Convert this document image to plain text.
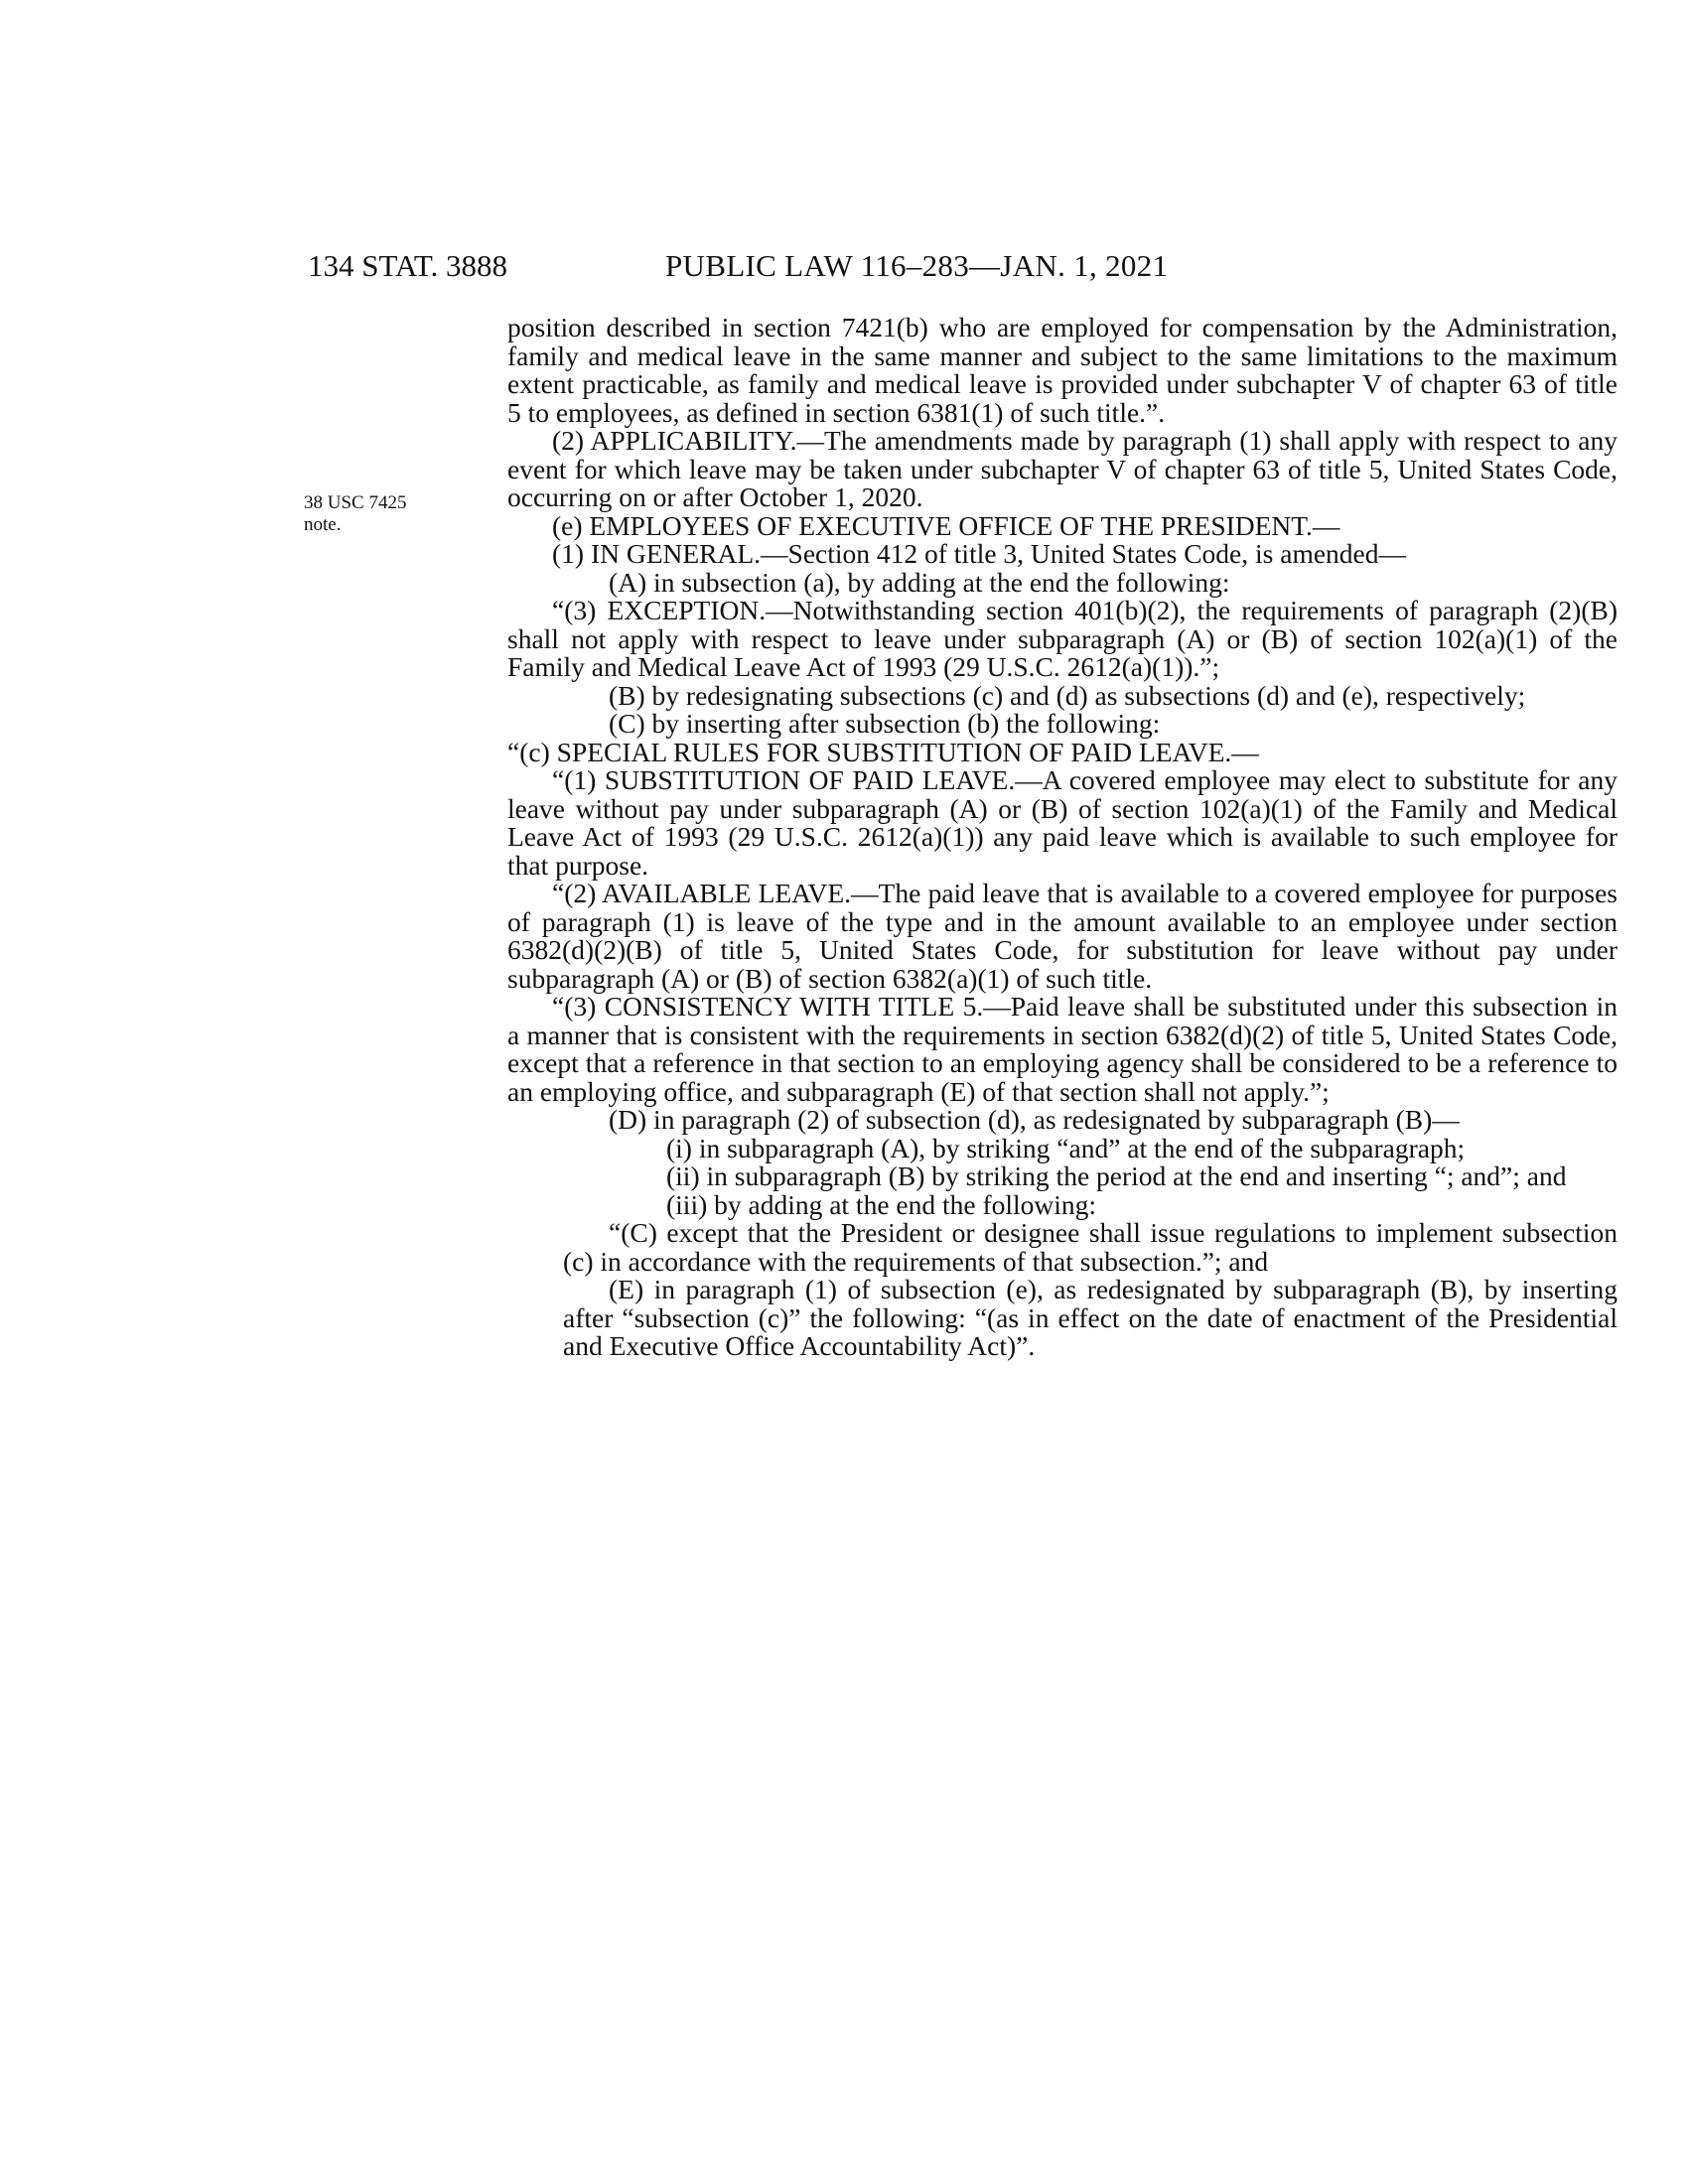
134 STAT. 3888	PUBLIC LAW 116–283—JAN. 1, 2021
38 USC 7425
note.

position described in section 7421(b) who are employed for compensation by the Administration, family and medical leave in the same manner and subject to the same limitations to the maximum extent practicable, as family and medical leave is provided under subchapter V of chapter 63 of title 5 to employees, as defined in section 6381(1) of such title.”.

(2) APPLICABILITY.—The amendments made by paragraph (1) shall apply with respect to any event for which leave may be taken under subchapter V of chapter 63 of title 5, United States Code, occurring on or after October 1, 2020.

(e) EMPLOYEES OF EXECUTIVE OFFICE OF THE PRESIDENT.—

(1) IN GENERAL.—Section 412 of title 3, United States Code, is amended—

(A) in subsection (a), by adding at the end the following:

“(3) EXCEPTION.—Notwithstanding section 401(b)(2), the requirements of paragraph (2)(B) shall not apply with respect to leave under subparagraph (A) or (B) of section 102(a)(1) of the Family and Medical Leave Act of 1993 (29 U.S.C. 2612(a)(1)).”;

(B) by redesignating subsections (c) and (d) as subsections (d) and (e), respectively;

(C) by inserting after subsection (b) the following:

“(c) SPECIAL RULES FOR SUBSTITUTION OF PAID LEAVE.—

“(1) SUBSTITUTION OF PAID LEAVE.—A covered employee may elect to substitute for any leave without pay under subparagraph (A) or (B) of section 102(a)(1) of the Family and Medical Leave Act of 1993 (29 U.S.C. 2612(a)(1)) any paid leave which is available to such employee for that purpose.

“(2) AVAILABLE LEAVE.—The paid leave that is available to a covered employee for purposes of paragraph (1) is leave of the type and in the amount available to an employee under section 6382(d)(2)(B) of title 5, United States Code, for substitution for leave without pay under subparagraph (A) or (B) of section 6382(a)(1) of such title.

“(3) CONSISTENCY WITH TITLE 5.—Paid leave shall be substituted under this subsection in a manner that is consistent with the requirements in section 6382(d)(2) of title 5, United States Code, except that a reference in that section to an employing agency shall be considered to be a reference to an employing office, and subparagraph (E) of that section shall not apply.”;

(D) in paragraph (2) of subsection (d), as redesignated by subparagraph (B)—

(i) in subparagraph (A), by striking “and” at the end of the subparagraph;

(ii) in subparagraph (B) by striking the period at the end and inserting “; and”; and

(iii) by adding at the end the following:

“(C) except that the President or designee shall issue regulations to implement subsection (c) in accordance with the requirements of that subsection.”; and

(E) in paragraph (1) of subsection (e), as redesignated by subparagraph (B), by inserting after “subsection (c)” the following: “(as in effect on the date of enactment of the Presidential and Executive Office Accountability Act)”.
